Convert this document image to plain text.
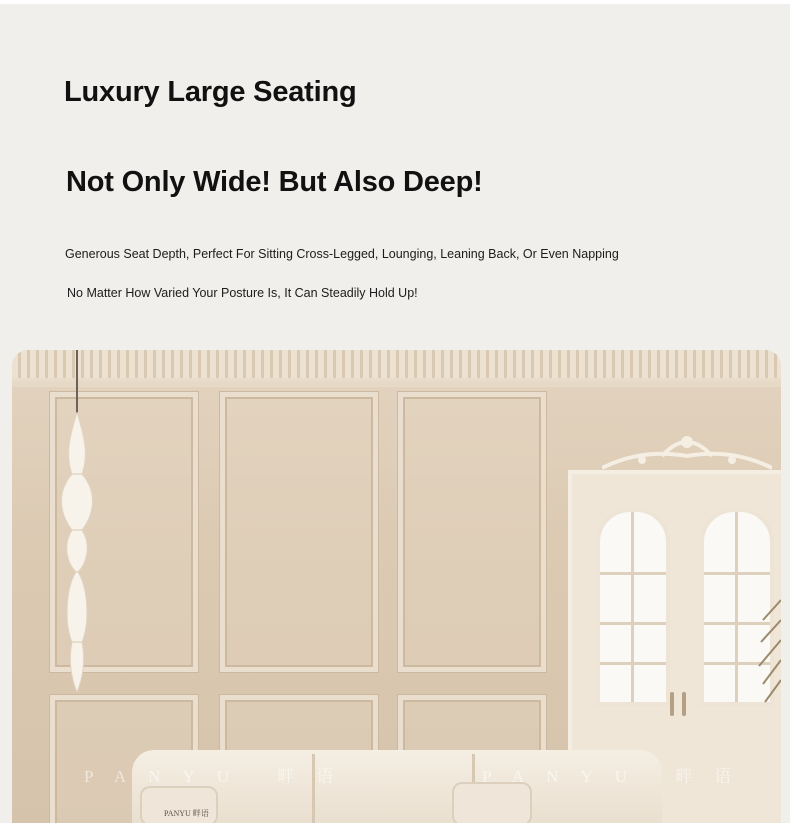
Luxury Large Seating
Not Only Wide! But Also Deep!
Generous Seat Depth, Perfect For Sitting Cross-Legged, Lounging, Leaning Back, Or Even Napping
No Matter How Varied Your Posture Is, It Can Steadily Hold Up!
PANYU 畔语
PANYU 畔语	PANYU 畔语
